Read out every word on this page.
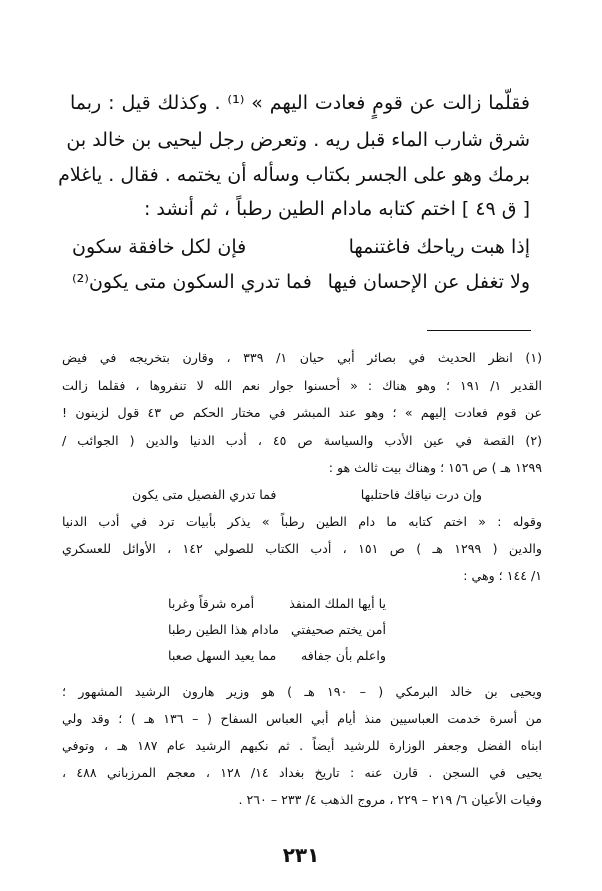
فقلّما زالت عن قومٍ فعادت اليهم » ⁽¹⁾ . وكذلك قيل : ربما
شرق شارب الماء قبل ريه . وتعرض رجل ليحيى بن خالد بن
برمك وهو على الجسر بكتاب وسأله أن يختمه . فقال . ياغلام
[ ق ٤٩ ] اختم كتابه مادام الطين رطباً ، ثم أنشد :
إذا هبت رياحك فاغتنمها
فإن لكل خافقة سكون
ولا تغفل عن الإحسان فيها
فما تدري السكون متى يكون⁽²⁾
(١) انظر الحديث في بصائر أبي حيان ١/ ٣٣٩ ، وقارن بتخريجه في فيض
القدير ١/ ١٩١ ؛ وهو هناك : « أحسنوا جوار نعم الله لا تنفروها ، فقلما زالت
عن قوم فعادت إليهم » ؛ وهو عند المبشر في مختار الحكم ص ٤٣ قول لزينون !
(٢) القصة في عين الأدب والسياسة ص ٤٥ ، أدب الدنيا والدين ( الجوائب /
١٢٩٩ هـ ) ص ١٥٦ ؛ وهناك بيت ثالث هو :
وإن درت نياقك فاحتلبها
فما تدري الفصيل متى يكون
وقوله : « اختم كتابه ما دام الطين رطباً » يذكر بأبيات ترد في أدب الدنيا
والدين ( ١٢٩٩ هـ ) ص ١٥١ ، أدب الكتاب للصولي ١٤٢ ، الأوائل للعسكري
١/ ١٤٤ ؛ وهي :
يا أيها الملك المنفذ
أمره شرقاً وغربا
أمن يختم صحيفتي
مادام هذا الطين رطبا
واعلم بأن جفافه
مما يعيد السهل صعبا
ويحيى بن خالد البرمكي ( – ١٩٠ هـ ) هو وزير هارون الرشيد المشهور ؛
من أسرة خدمت العباسيين منذ أيام أبي العباس السفاح ( – ١٣٦ هـ ) ؛ وقد ولي
ابناه الفضل وجعفر الوزارة للرشيد أيضاً . ثم نكبهم الرشيد عام ١٨٧ هـ ، وتوفي
يحيى في السجن . قارن عنه : تاريخ بغداد ١٤/ ١٢٨ ، معجم المرزباني ٤٨٨ ،
وفيات الأعيان ٦/ ٢١٩ – ٢٢٩ ، مروج الذهب ٤/ ٢٣٣ – ٢٦٠ .
٢٣١
